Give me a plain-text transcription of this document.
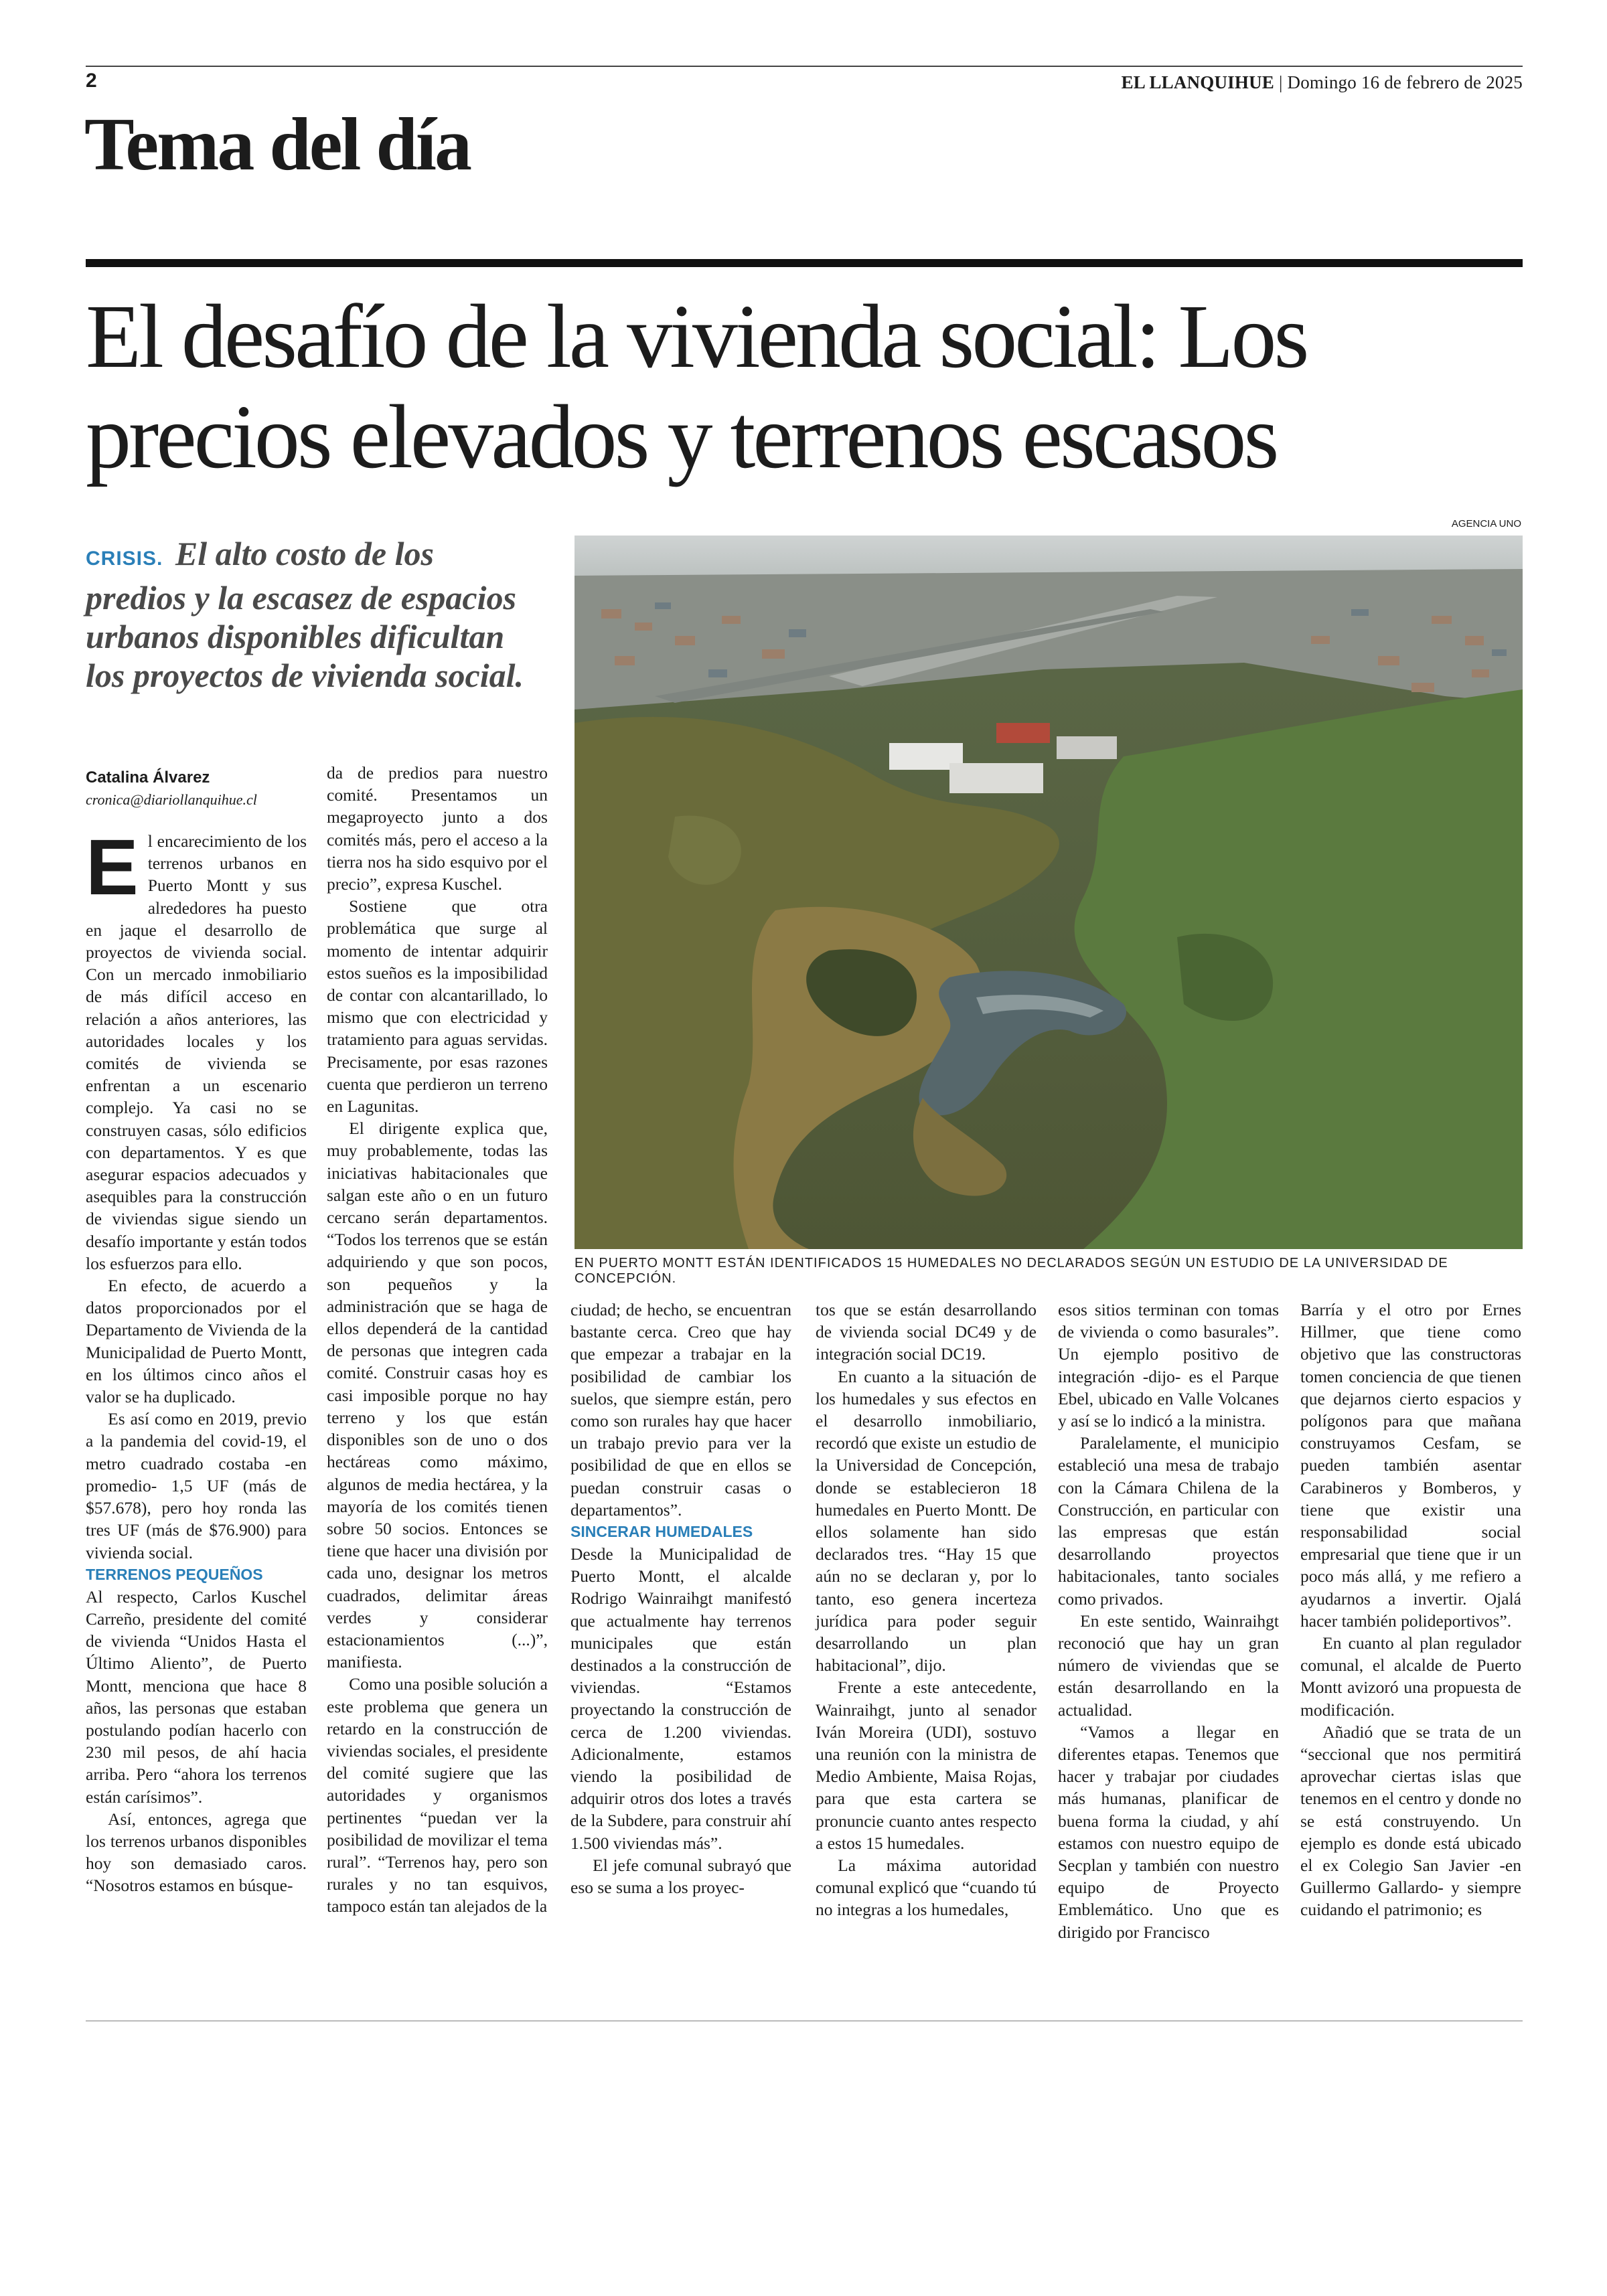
2	EL LLANQUIHUE | Domingo 16 de febrero de 2025
Tema del día
El desafío de la vivienda social: Los precios elevados y terrenos escasos
AGENCIA UNO
EN PUERTO MONTT ESTÁN IDENTIFICADOS 15 HUMEDALES NO DECLARADOS SEGÚN UN ESTUDIO DE LA UNIVERSIDAD DE CONCEPCIÓN.
CRISIS. El alto costo de los predios y la escasez de espacios urbanos disponibles dificultan los proyectos de vivienda social.
Catalina Álvarez
cronica@diariollanquihue.cl

El encarecimiento de los terrenos urbanos en Puerto Montt y sus alrededores ha puesto en jaque el desarrollo de proyectos de vivienda social. Con un mercado inmobiliario de más difícil acceso en relación a años anteriores, las autoridades locales y los comités de vivienda se enfrentan a un escenario complejo. Ya casi no se construyen casas, sólo edificios con departamentos. Y es que asegurar espacios adecuados y asequibles para la construcción de viviendas sigue siendo un desafío importante y están todos los esfuerzos para ello.

En efecto, de acuerdo a datos proporcionados por el Departamento de Vivienda de la Municipalidad de Puerto Montt, en los últimos cinco años el valor se ha duplicado.

Es así como en 2019, previo a la pandemia del covid-19, el metro cuadrado costaba -en promedio- 1,5 UF (más de $57.678), pero hoy ronda las tres UF (más de $76.900) para vivienda social.

TERRENOS PEQUEÑOS

Al respecto, Carlos Kuschel Carreño, presidente del comité de vivienda “Unidos Hasta el Último Aliento”, de Puerto Montt, menciona que hace 8 años, las personas que estaban postulando podían hacerlo con 230 mil pesos, de ahí hacia arriba. Pero “ahora los terrenos están carísimos”.

Así, entonces, agrega que los terrenos urbanos disponibles hoy son demasiado caros. “Nosotros estamos en búsque-

da de predios para nuestro comité. Presentamos un megaproyecto junto a dos comités más, pero el acceso a la tierra nos ha sido esquivo por el precio”, expresa Kuschel.

Sostiene que otra problemática que surge al momento de intentar adquirir estos sueños es la imposibilidad de contar con alcantarillado, lo mismo que con electricidad y tratamiento para aguas servidas. Precisamente, por esas razones cuenta que perdieron un terreno en Lagunitas.

El dirigente explica que, muy probablemente, todas las iniciativas habitacionales que salgan este año o en un futuro cercano serán departamentos. “Todos los terrenos que se están adquiriendo y que son pocos, son pequeños y la administración que se haga de ellos dependerá de la cantidad de personas que integren cada comité. Construir casas hoy es casi imposible porque no hay terreno y los que están disponibles son de uno o dos hectáreas como máximo, algunos de media hectárea, y la mayoría de los comités tienen sobre 50 socios. Entonces se tiene que hacer una división por cada uno, designar los metros cuadrados, delimitar áreas verdes y considerar estacionamientos (...)”, manifiesta.

Como una posible solución a este problema que genera un retardo en la construcción de viviendas sociales, el presidente del comité sugiere que las autoridades y organismos pertinentes “puedan ver la posibilidad de movilizar el tema rural”. “Terrenos hay, pero son rurales y no tan esquivos, tampoco están tan alejados de la

ciudad; de hecho, se encuentran bastante cerca. Creo que hay que empezar a trabajar en la posibilidad de cambiar los suelos, que siempre están, pero como son rurales hay que hacer un trabajo previo para ver la posibilidad de que en ellos se puedan construir casas o departamentos”.

SINCERAR HUMEDALES

Desde la Municipalidad de Puerto Montt, el alcalde Rodrigo Wainraihgt manifestó que actualmente hay terrenos municipales que están destinados a la construcción de viviendas. “Estamos proyectando la construcción de cerca de 1.200 viviendas. Adicionalmente, estamos viendo la posibilidad de adquirir otros dos lotes a través de la Subdere, para construir ahí 1.500 viviendas más”.

El jefe comunal subrayó que eso se suma a los proyec-

tos que se están desarrollando de vivienda social DC49 y de integración social DC19.

En cuanto a la situación de los humedales y sus efectos en el desarrollo inmobiliario, recordó que existe un estudio de la Universidad de Concepción, donde se establecieron 18 humedales en Puerto Montt. De ellos solamente han sido declarados tres. “Hay 15 que aún no se declaran y, por lo tanto, eso genera incerteza jurídica para poder seguir desarrollando un plan habitacional”, dijo.

Frente a este antecedente, Wainraihgt, junto al senador Iván Moreira (UDI), sostuvo una reunión con la ministra de Medio Ambiente, Maisa Rojas, para que esta cartera se pronuncie cuanto antes respecto a estos 15 humedales.

La máxima autoridad comunal explicó que “cuando tú no integras a los humedales,

esos sitios terminan con tomas de vivienda o como basurales”. Un ejemplo positivo de integración -dijo- es el Parque Ebel, ubicado en Valle Volcanes y así se lo indicó a la ministra.

Paralelamente, el municipio estableció una mesa de trabajo con la Cámara Chilena de la Construcción, en particular con las empresas que están desarrollando proyectos habitacionales, tanto sociales como privados.

En este sentido, Wainraihgt reconoció que hay un gran número de viviendas que se están desarrollando en la actualidad.

“Vamos a llegar en diferentes etapas. Tenemos que hacer y trabajar por ciudades más humanas, planificar de buena forma la ciudad, y ahí estamos con nuestro equipo de Secplan y también con nuestro equipo de Proyecto Emblemático. Uno que es dirigido por Francisco

Barría y el otro por Ernes Hillmer, que tiene como objetivo que las constructoras tomen conciencia de que tienen que dejarnos cierto espacios y polígonos para que mañana construyamos Cesfam, se pueden también asentar Carabineros y Bomberos, y tiene que existir una responsabilidad social empresarial que tiene que ir un poco más allá, y me refiero a ayudarnos a invertir. Ojalá hacer también polideportivos”.

En cuanto al plan regulador comunal, el alcalde de Puerto Montt avizoró una propuesta de modificación.

Añadió que se trata de un “seccional que nos permitirá aprovechar ciertas islas que tenemos en el centro y donde no se está construyendo. Un ejemplo es donde está ubicado el ex Colegio San Javier -en Guillermo Gallardo- y siempre cuidando el patrimonio; es
